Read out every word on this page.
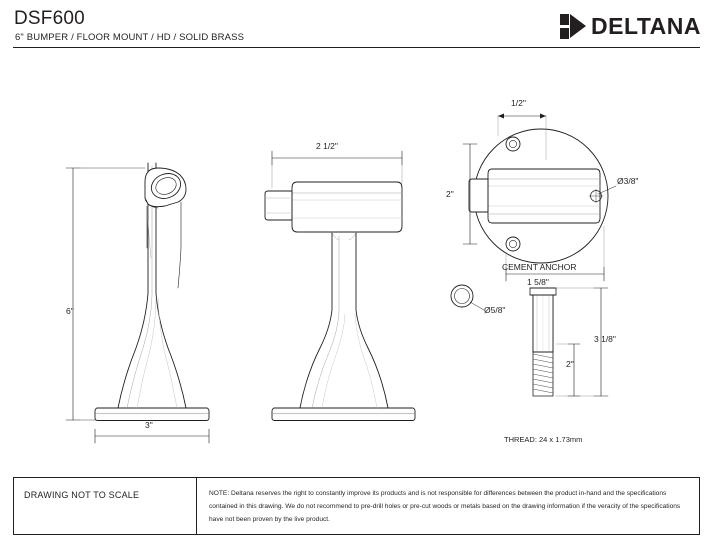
DSF600
6" BUMPER / FLOOR MOUNT / HD / SOLID BRASS	DELTANA
6"
3"
2 1/2"
1/2"
2"
Ø3/8"
1 5/8"
CEMENT ANCHOR
Ø5/8"
2"
3 1/8"
THREAD: 24 x 1.73mm
DRAWING NOT TO SCALE	NOTE: Deltana reserves the right to constantly improve its products and is not responsible for differences between the product in-hand and the specifications contained in this drawing. We do not recommend to pre-drill holes or pre-cut woods or metals based on the drawing information if the veracity of the specifications have not been proven by the live product.
